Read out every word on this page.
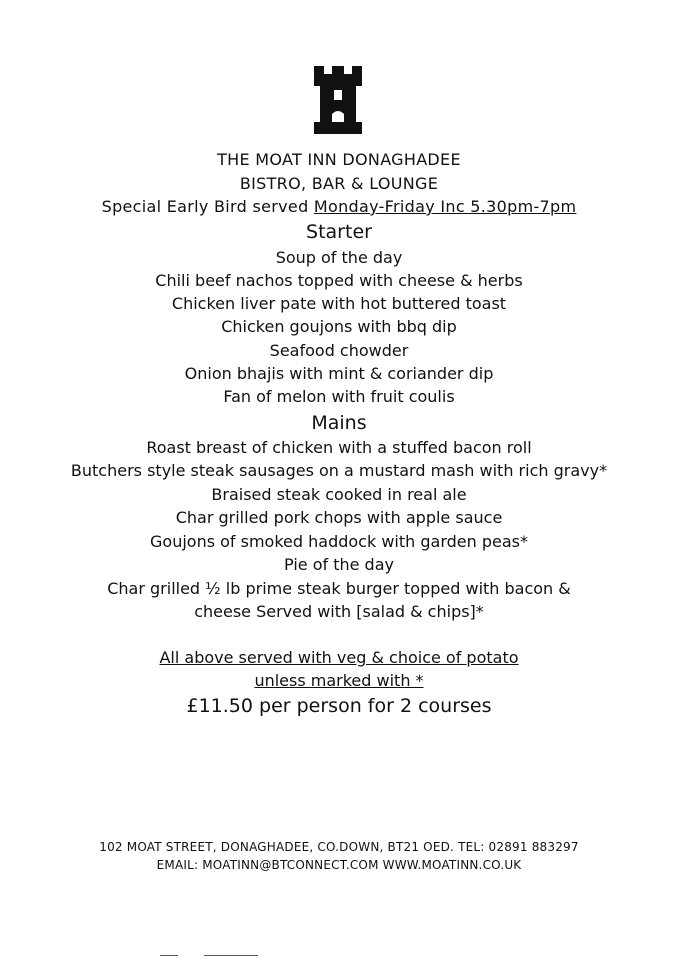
THE MOAT INN DONAGHADEE
BISTRO, BAR & LOUNGE
Special Early Bird served Monday-Friday Inc 5.30pm-7pm
Starter
Soup of the day
Chili beef nachos topped with cheese & herbs
Chicken liver pate with hot buttered toast
Chicken goujons with bbq dip
Seafood chowder
Onion bhajis with mint & coriander dip
Fan of melon with fruit coulis
Mains
Roast breast of chicken with a stuffed bacon roll
Butchers style steak sausages on a mustard mash with rich gravy*
Braised steak cooked in real ale
Char grilled pork chops with apple sauce
Goujons of smoked haddock with garden peas*
Pie of the day
Char grilled ½ lb prime steak burger topped with bacon &
cheese Served with [salad & chips]*
All above served with veg & choice of potato
unless marked with *
£11.50 per person for 2 courses
102 MOAT STREET, DONAGHADEE, CO.DOWN, BT21 OED. TEL: 02891 883297
EMAIL: MOATINN@BTCONNECT.COM WWW.MOATINN.CO.UK
